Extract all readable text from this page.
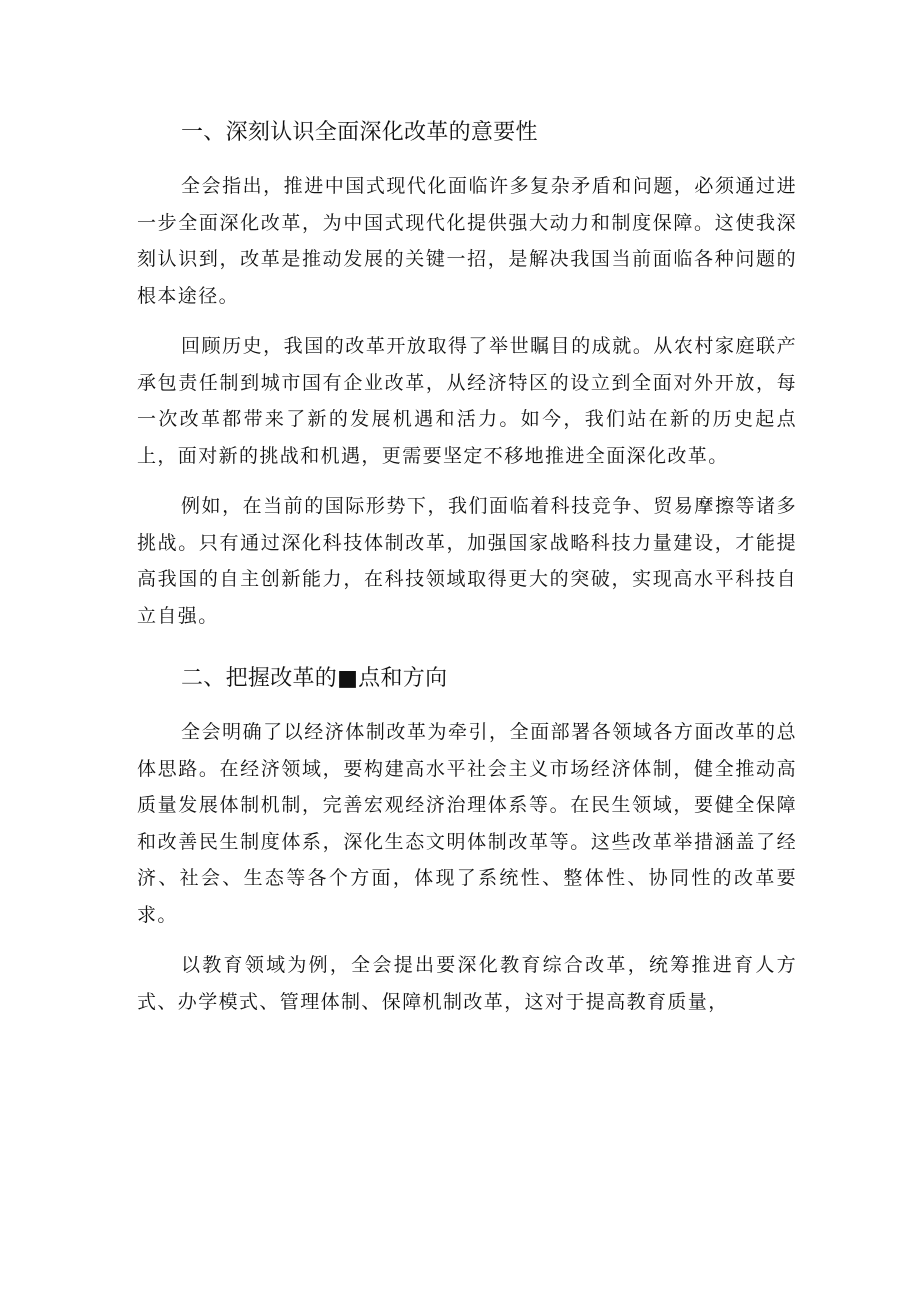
一、深刻认识全面深化改革的意要性

全会指出，推进中国式现代化面临许多复杂矛盾和问题，必须通过进一步全面深化改革，为中国式现代化提供强大动力和制度保障。这使我深刻认识到，改革是推动发展的关键一招，是解决我国当前面临各种问题的根本途径。

回顾历史，我国的改革开放取得了举世瞩目的成就。从农村家庭联产承包责任制到城市国有企业改革，从经济特区的设立到全面对外开放，每一次改革都带来了新的发展机遇和活力。如今，我们站在新的历史起点上，面对新的挑战和机遇，更需要坚定不移地推进全面深化改革。

例如，在当前的国际形势下，我们面临着科技竞争、贸易摩擦等诸多挑战。只有通过深化科技体制改革，加强国家战略科技力量建设，才能提高我国的自主创新能力，在科技领域取得更大的突破，实现高水平科技自立自强。

二、把握改革的■点和方向

全会明确了以经济体制改革为牵引，全面部署各领域各方面改革的总体思路。在经济领域，要构建高水平社会主义市场经济体制，健全推动高质量发展体制机制，完善宏观经济治理体系等。在民生领域，要健全保障和改善民生制度体系，深化生态文明体制改革等。这些改革举措涵盖了经济、社会、生态等各个方面，体现了系统性、整体性、协同性的改革要求。

以教育领域为例，全会提出要深化教育综合改革，统筹推进育人方式、办学模式、管理体制、保障机制改革，这对于提高教育质量，
